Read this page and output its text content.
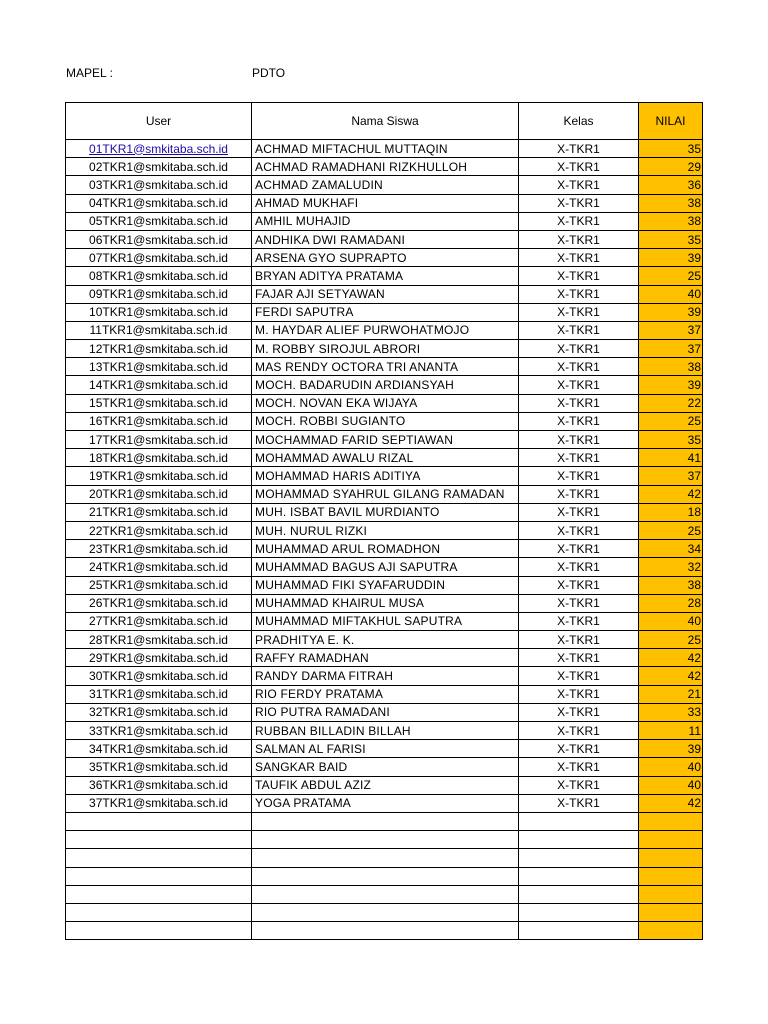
MAPEL :	PDTO
User	Nama Siswa	Kelas	NILAI
01TKR1@smkitaba.sch.id	ACHMAD MIFTACHUL MUTTAQIN	X-TKR1	35
02TKR1@smkitaba.sch.id	ACHMAD RAMADHANI RIZKHULLOH	X-TKR1	29
03TKR1@smkitaba.sch.id	ACHMAD ZAMALUDIN	X-TKR1	36
04TKR1@smkitaba.sch.id	AHMAD MUKHAFI	X-TKR1	38
05TKR1@smkitaba.sch.id	AMHIL MUHAJID	X-TKR1	38
06TKR1@smkitaba.sch.id	ANDHIKA DWI RAMADANI	X-TKR1	35
07TKR1@smkitaba.sch.id	ARSENA GYO SUPRAPTO	X-TKR1	39
08TKR1@smkitaba.sch.id	BRYAN ADITYA PRATAMA	X-TKR1	25
09TKR1@smkitaba.sch.id	FAJAR AJI SETYAWAN	X-TKR1	40
10TKR1@smkitaba.sch.id	FERDI SAPUTRA	X-TKR1	39
11TKR1@smkitaba.sch.id	M. HAYDAR ALIEF PURWOHATMOJO	X-TKR1	37
12TKR1@smkitaba.sch.id	M. ROBBY SIROJUL ABRORI	X-TKR1	37
13TKR1@smkitaba.sch.id	MAS RENDY OCTORA TRI ANANTA	X-TKR1	38
14TKR1@smkitaba.sch.id	MOCH. BADARUDIN ARDIANSYAH	X-TKR1	39
15TKR1@smkitaba.sch.id	MOCH. NOVAN EKA WIJAYA	X-TKR1	22
16TKR1@smkitaba.sch.id	MOCH. ROBBI SUGIANTO	X-TKR1	25
17TKR1@smkitaba.sch.id	MOCHAMMAD FARID SEPTIAWAN	X-TKR1	35
18TKR1@smkitaba.sch.id	MOHAMMAD AWALU RIZAL	X-TKR1	41
19TKR1@smkitaba.sch.id	MOHAMMAD HARIS ADITIYA	X-TKR1	37
20TKR1@smkitaba.sch.id	MOHAMMAD SYAHRUL GILANG RAMADAN	X-TKR1	42
21TKR1@smkitaba.sch.id	MUH. ISBAT BAVIL MURDIANTO	X-TKR1	18
22TKR1@smkitaba.sch.id	MUH. NURUL RIZKI	X-TKR1	25
23TKR1@smkitaba.sch.id	MUHAMMAD ARUL ROMADHON	X-TKR1	34
24TKR1@smkitaba.sch.id	MUHAMMAD BAGUS AJI SAPUTRA	X-TKR1	32
25TKR1@smkitaba.sch.id	MUHAMMAD FIKI SYAFARUDDIN	X-TKR1	38
26TKR1@smkitaba.sch.id	MUHAMMAD KHAIRUL MUSA	X-TKR1	28
27TKR1@smkitaba.sch.id	MUHAMMAD MIFTAKHUL SAPUTRA	X-TKR1	40
28TKR1@smkitaba.sch.id	PRADHITYA E. K.	X-TKR1	25
29TKR1@smkitaba.sch.id	RAFFY RAMADHAN	X-TKR1	42
30TKR1@smkitaba.sch.id	RANDY DARMA FITRAH	X-TKR1	42
31TKR1@smkitaba.sch.id	RIO FERDY PRATAMA	X-TKR1	21
32TKR1@smkitaba.sch.id	RIO PUTRA RAMADANI	X-TKR1	33
33TKR1@smkitaba.sch.id	RUBBAN BILLADIN BILLAH	X-TKR1	11
34TKR1@smkitaba.sch.id	SALMAN AL FARISI	X-TKR1	39
35TKR1@smkitaba.sch.id	SANGKAR BAID	X-TKR1	40
36TKR1@smkitaba.sch.id	TAUFIK ABDUL AZIZ	X-TKR1	40
37TKR1@smkitaba.sch.id	YOGA PRATAMA	X-TKR1	42
